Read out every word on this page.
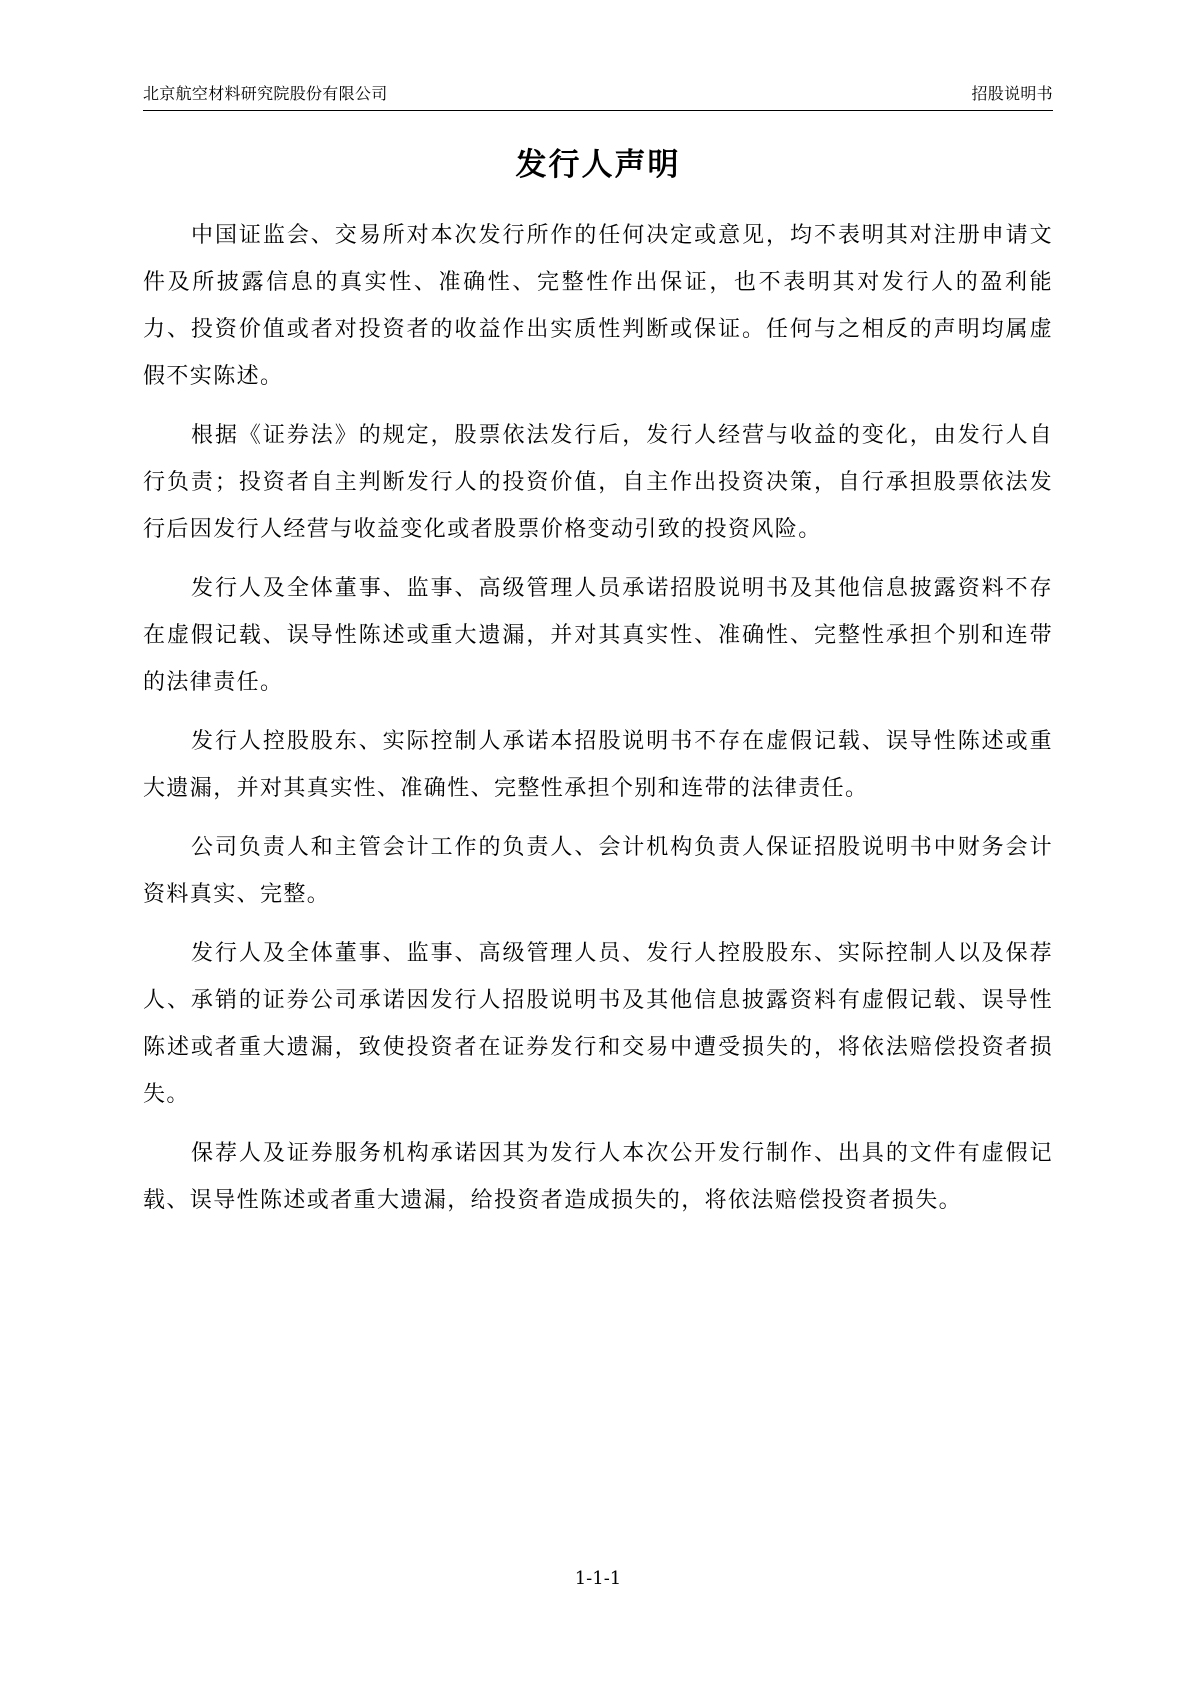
北京航空材料研究院股份有限公司	招股说明书
发行人声明

中国证监会、交易所对本次发行所作的任何决定或意见，均不表明其对注册申请文件及所披露信息的真实性、准确性、完整性作出保证，也不表明其对发行人的盈利能力、投资价值或者对投资者的收益作出实质性判断或保证。任何与之相反的声明均属虚假不实陈述。

根据《证券法》的规定，股票依法发行后，发行人经营与收益的变化，由发行人自行负责；投资者自主判断发行人的投资价值，自主作出投资决策，自行承担股票依法发行后因发行人经营与收益变化或者股票价格变动引致的投资风险。

发行人及全体董事、监事、高级管理人员承诺招股说明书及其他信息披露资料不存在虚假记载、误导性陈述或重大遗漏，并对其真实性、准确性、完整性承担个别和连带的法律责任。

发行人控股股东、实际控制人承诺本招股说明书不存在虚假记载、误导性陈述或重大遗漏，并对其真实性、准确性、完整性承担个别和连带的法律责任。

公司负责人和主管会计工作的负责人、会计机构负责人保证招股说明书中财务会计资料真实、完整。

发行人及全体董事、监事、高级管理人员、发行人控股股东、实际控制人以及保荐人、承销的证券公司承诺因发行人招股说明书及其他信息披露资料有虚假记载、误导性陈述或者重大遗漏，致使投资者在证券发行和交易中遭受损失的，将依法赔偿投资者损失。

保荐人及证券服务机构承诺因其为发行人本次公开发行制作、出具的文件有虚假记载、误导性陈述或者重大遗漏，给投资者造成损失的，将依法赔偿投资者损失。

1-1-1
